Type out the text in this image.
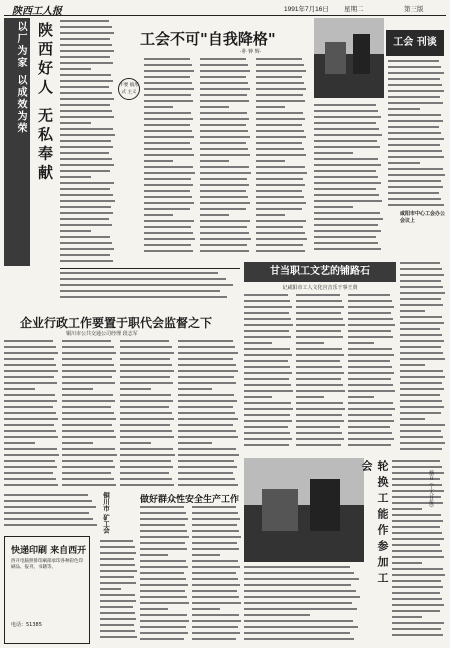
陕西工人报	1991年7月16日 星期二	第三版
以厂为家 以成效为荣 陕西好人 无私奉献	工会不可"自我降格"
·朴 钟 辉·
不要 搞形式 主义
工会 刊谈
咸阳市中心工会办公会议上
甘当职工文艺的铺路石
记咸阳市工人文化宫音乐干事王贤
企业行政工作要置于职代会监督之下
铜川市公共交通公司经理 段志军
铜川市 矿工会	做好群众性安全生产工作
快递印刷 来自西开
西开电脑照排印刷部承印各种彩色印刷品、报刊、书籍等。
电话：51385
轮换工能作参加工会
摘自《工人日报》
